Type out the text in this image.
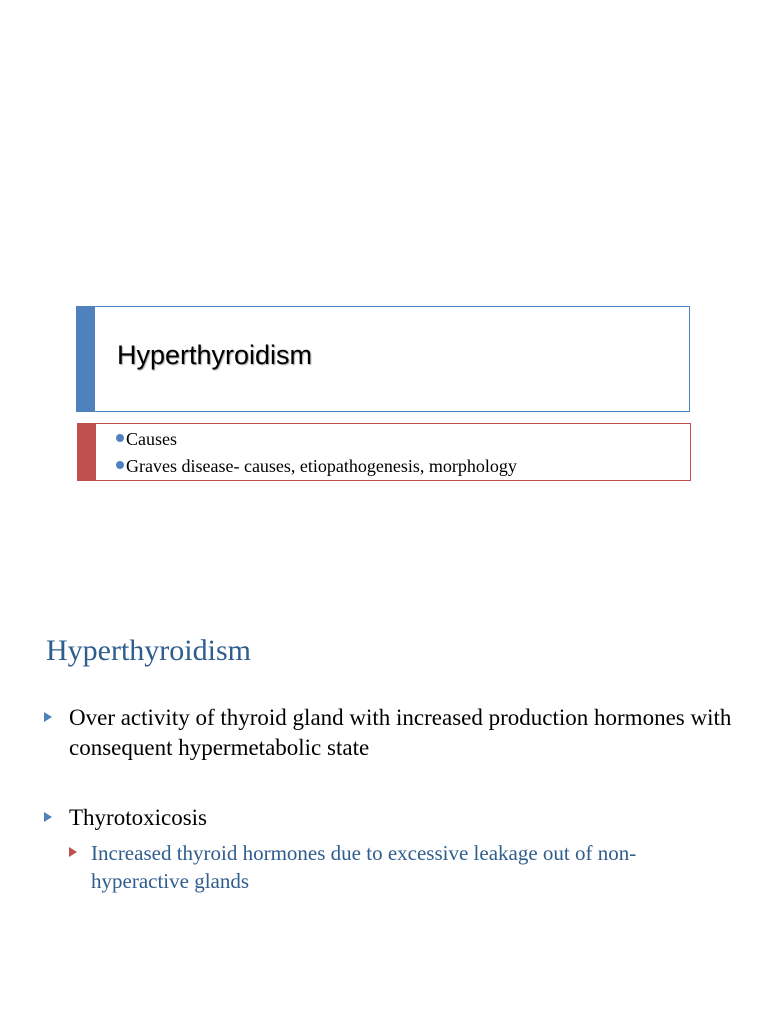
Hyperthyroidism
Causes
Graves disease- causes, etiopathogenesis, morphology
Hyperthyroidism
Over activity of thyroid gland with increased production hormones with consequent hypermetabolic state
Thyrotoxicosis
Increased thyroid hormones due to excessive leakage out of non-hyperactive glands
